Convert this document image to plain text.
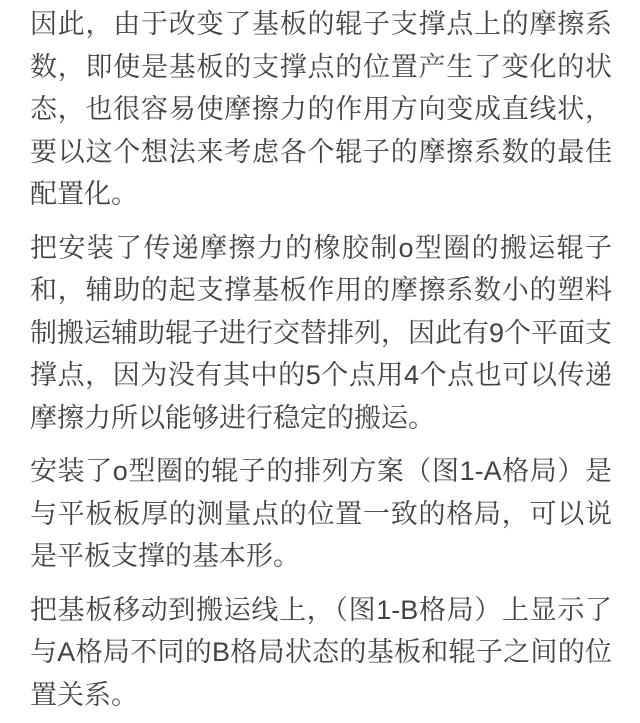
因此，由于改变了基板的辊子支撑点上的摩擦系数，即使是基板的支撑点的位置产生了变化的状态，也很容易使摩擦力的作用方向变成直线状，要以这个想法来考虑各个辊子的摩擦系数的最佳配置化。

把安装了传递摩擦力的橡胶制o型圈的搬运辊子和，辅助的起支撑基板作用的摩擦系数小的塑料制搬运辅助辊子进行交替排列，因此有9个平面支撑点，因为没有其中的5个点用4个点也可以传递摩擦力所以能够进行稳定的搬运。

安装了o型圈的辊子的排列方案（图1-A格局）是与平板板厚的测量点的位置一致的格局，可以说是平板支撑的基本形。

把基板移动到搬运线上，（图1-B格局）上显示了与A格局不同的B格局状态的基板和辊子之间的位置关系。
